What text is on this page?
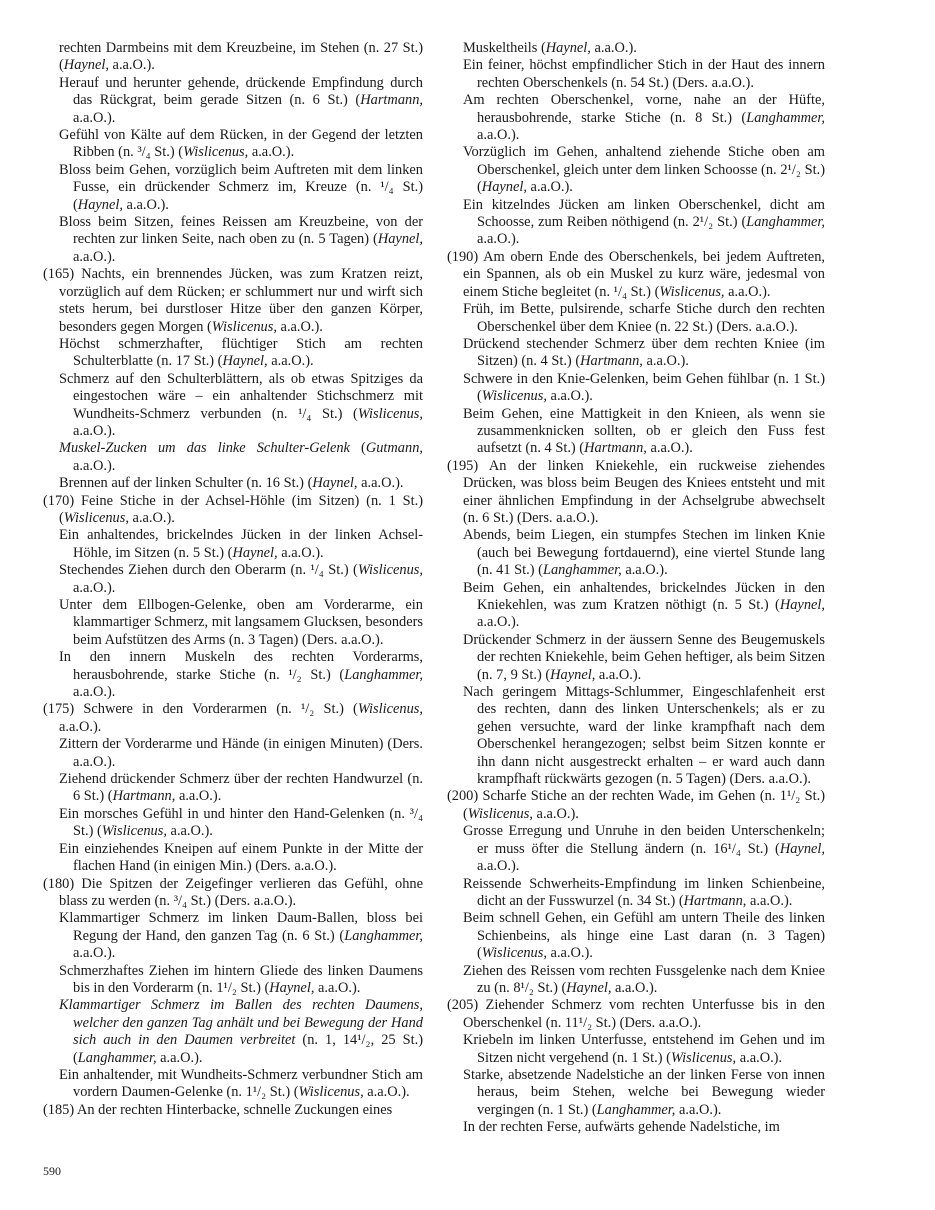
rechten Darmbeins mit dem Kreuzbeine, im Stehen (n. 27 St.) (Haynel, a.a.O.).

Herauf und herunter gehende, drückende Empfindung durch das Rückgrat, beim gerade Sitzen (n. 6 St.) (Hartmann, a.a.O.).

Gefühl von Kälte auf dem Rücken, in der Gegend der letzten Ribben (n. ³/₄ St.) (Wislicenus, a.a.O.).

Bloss beim Gehen, vorzüglich beim Auftreten mit dem linken Fusse, ein drückender Schmerz im, Kreuze (n. ¹/₄ St.) (Haynel, a.a.O.).

Bloss beim Sitzen, feines Reissen am Kreuzbeine, von der rechten zur linken Seite, nach oben zu (n. 5 Tagen) (Haynel, a.a.O.).

(165) Nachts, ein brennendes Jücken, was zum Kratzen reizt, vorzüglich auf dem Rücken; er schlummert nur und wirft sich stets herum, bei durstloser Hitze über den ganzen Körper, besonders gegen Morgen (Wislicenus, a.a.O.).

Höchst schmerzhafter, flüchtiger Stich am rechten Schulterblatte (n. 17 St.) (Haynel, a.a.O.).

Schmerz auf den Schulterblättern, als ob etwas Spitziges da eingestochen wäre – ein anhaltender Stichschmerz mit Wundheits-Schmerz verbunden (n. ¹/₄ St.) (Wislicenus, a.a.O.).

Muskel-Zucken um das linke Schulter-Gelenk (Gutmann, a.a.O.).

Brennen auf der linken Schulter (n. 16 St.) (Haynel, a.a.O.).

(170) Feine Stiche in der Achsel-Höhle (im Sitzen) (n. 1 St.) (Wislicenus, a.a.O.).

Ein anhaltendes, brickelndes Jücken in der linken Achsel-Höhle, im Sitzen (n. 5 St.) (Haynel, a.a.O.).

Stechendes Ziehen durch den Oberarm (n. ¹/₄ St.) (Wislicenus, a.a.O.).

Unter dem Ellbogen-Gelenke, oben am Vorderarme, ein klammartiger Schmerz, mit langsamem Glucksen, besonders beim Aufstützen des Arms (n. 3 Tagen) (Ders. a.a.O.).

In den innern Muskeln des rechten Vorderarms, herausbohrende, starke Stiche (n. ¹/₂ St.) (Langhammer, a.a.O.).

(175) Schwere in den Vorderarmen (n. ¹/₂ St.) (Wislicenus, a.a.O.).

Zittern der Vorderarme und Hände (in einigen Minuten) (Ders. a.a.O.).

Ziehend drückender Schmerz über der rechten Handwurzel (n. 6 St.) (Hartmann, a.a.O.).

Ein morsches Gefühl in und hinter den Hand-Gelenken (n. ³/₄ St.) (Wislicenus, a.a.O.).

Ein einziehendes Kneipen auf einem Punkte in der Mitte der flachen Hand (in einigen Min.) (Ders. a.a.O.).

(180) Die Spitzen der Zeigefinger verlieren das Gefühl, ohne blass zu werden (n. ³/₄ St.) (Ders. a.a.O.).

Klammartiger Schmerz im linken Daum-Ballen, bloss bei Regung der Hand, den ganzen Tag (n. 6 St.) (Langhammer, a.a.O.).

Schmerzhaftes Ziehen im hintern Gliede des linken Daumens bis in den Vorderarm (n. 1¹/₂ St.) (Haynel, a.a.O.).

Klammartiger Schmerz im Ballen des rechten Daumens, welcher den ganzen Tag anhält und bei Bewegung der Hand sich auch in den Daumen verbreitet (n. 1, 14¹/₂, 25 St.) (Langhammer, a.a.O.).

Ein anhaltender, mit Wundheits-Schmerz verbundner Stich am vordern Daumen-Gelenke (n. 1¹/₂ St.) (Wislicenus, a.a.O.).

(185) An der rechten Hinterbacke, schnelle Zuckungen eines

Muskeltheils (Haynel, a.a.O.).

Ein feiner, höchst empfindlicher Stich in der Haut des innern rechten Oberschenkels (n. 54 St.) (Ders. a.a.O.).

Am rechten Oberschenkel, vorne, nahe an der Hüfte, herausbohrende, starke Stiche (n. 8 St.) (Langhammer, a.a.O.).

Vorzüglich im Gehen, anhaltend ziehende Stiche oben am Oberschenkel, gleich unter dem linken Schoosse (n. 2¹/₂ St.) (Haynel, a.a.O.).

Ein kitzelndes Jücken am linken Oberschenkel, dicht am Schoosse, zum Reiben nöthigend (n. 2¹/₂ St.) (Langhammer, a.a.O.).

(190) Am obern Ende des Oberschenkels, bei jedem Auftreten, ein Spannen, als ob ein Muskel zu kurz wäre, jedesmal von einem Stiche begleitet (n. ¹/₄ St.) (Wislicenus, a.a.O.).

Früh, im Bette, pulsirende, scharfe Stiche durch den rechten Oberschenkel über dem Kniee (n. 22 St.) (Ders. a.a.O.).

Drückend stechender Schmerz über dem rechten Kniee (im Sitzen) (n. 4 St.) (Hartmann, a.a.O.).

Schwere in den Knie-Gelenken, beim Gehen fühlbar (n. 1 St.) (Wislicenus, a.a.O.).

Beim Gehen, eine Mattigkeit in den Knieen, als wenn sie zusammenknicken sollten, ob er gleich den Fuss fest aufsetzt (n. 4 St.) (Hartmann, a.a.O.).

(195) An der linken Kniekehle, ein ruckweise ziehendes Drücken, was bloss beim Beugen des Kniees entsteht und mit einer ähnlichen Empfindung in der Achselgrube abwechselt (n. 6 St.) (Ders. a.a.O.).

Abends, beim Liegen, ein stumpfes Stechen im linken Knie (auch bei Bewegung fortdauernd), eine viertel Stunde lang (n. 41 St.) (Langhammer, a.a.O.).

Beim Gehen, ein anhaltendes, brickelndes Jücken in den Kniekehlen, was zum Kratzen nöthigt (n. 5 St.) (Haynel, a.a.O.).

Drückender Schmerz in der äussern Senne des Beugemuskels der rechten Kniekehle, beim Gehen heftiger, als beim Sitzen (n. 7, 9 St.) (Haynel, a.a.O.).

Nach geringem Mittags-Schlummer, Eingeschlafenheit erst des rechten, dann des linken Unterschenkels; als er zu gehen versuchte, ward der linke krampfhaft nach dem Oberschenkel herangezogen; selbst beim Sitzen konnte er ihn dann nicht ausgestreckt erhalten – er ward auch dann krampfhaft rückwärts gezogen (n. 5 Tagen) (Ders. a.a.O.).

(200) Scharfe Stiche an der rechten Wade, im Gehen (n. 1¹/₂ St.) (Wislicenus, a.a.O.).

Grosse Erregung und Unruhe in den beiden Unterschenkeln; er muss öfter die Stellung ändern (n. 16¹/₄ St.) (Haynel, a.a.O.).

Reissende Schwerheits-Empfindung im linken Schienbeine, dicht an der Fusswurzel (n. 34 St.) (Hartmann, a.a.O.).

Beim schnell Gehen, ein Gefühl am untern Theile des linken Schienbeins, als hinge eine Last daran (n. 3 Tagen) (Wislicenus, a.a.O.).

Ziehen des Reissen vom rechten Fussgelenke nach dem Kniee zu (n. 8¹/₂ St.) (Haynel, a.a.O.).

(205) Ziehender Schmerz vom rechten Unterfusse bis in den Oberschenkel (n. 11¹/₂ St.) (Ders. a.a.O.).

Kriebeln im linken Unterfusse, entstehend im Gehen und im Sitzen nicht vergehend (n. 1 St.) (Wislicenus, a.a.O.).

Starke, absetzende Nadelstiche an der linken Ferse von innen heraus, beim Stehen, welche bei Bewegung wieder vergingen (n. 1 St.) (Langhammer, a.a.O.).

In der rechten Ferse, aufwärts gehende Nadelstiche, im

590
